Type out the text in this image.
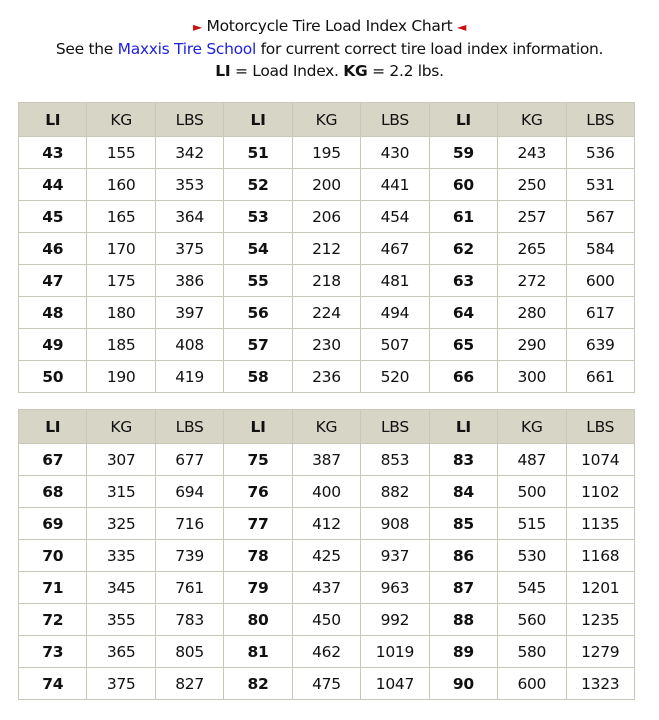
► Motorcycle Tire Load Index Chart ◄
See the Maxxis Tire School for current correct tire load index information.
LI = Load Index. KG = 2.2 lbs.
LI	KG	LBS	LI	KG	LBS	LI	KG	LBS
43	155	342	51	195	430	59	243	536
44	160	353	52	200	441	60	250	531
45	165	364	53	206	454	61	257	567
46	170	375	54	212	467	62	265	584
47	175	386	55	218	481	63	272	600
48	180	397	56	224	494	64	280	617
49	185	408	57	230	507	65	290	639
50	190	419	58	236	520	66	300	661
LI	KG	LBS	LI	KG	LBS	LI	KG	LBS
67	307	677	75	387	853	83	487	1074
68	315	694	76	400	882	84	500	1102
69	325	716	77	412	908	85	515	1135
70	335	739	78	425	937	86	530	1168
71	345	761	79	437	963	87	545	1201
72	355	783	80	450	992	88	560	1235
73	365	805	81	462	1019	89	580	1279
74	375	827	82	475	1047	90	600	1323
